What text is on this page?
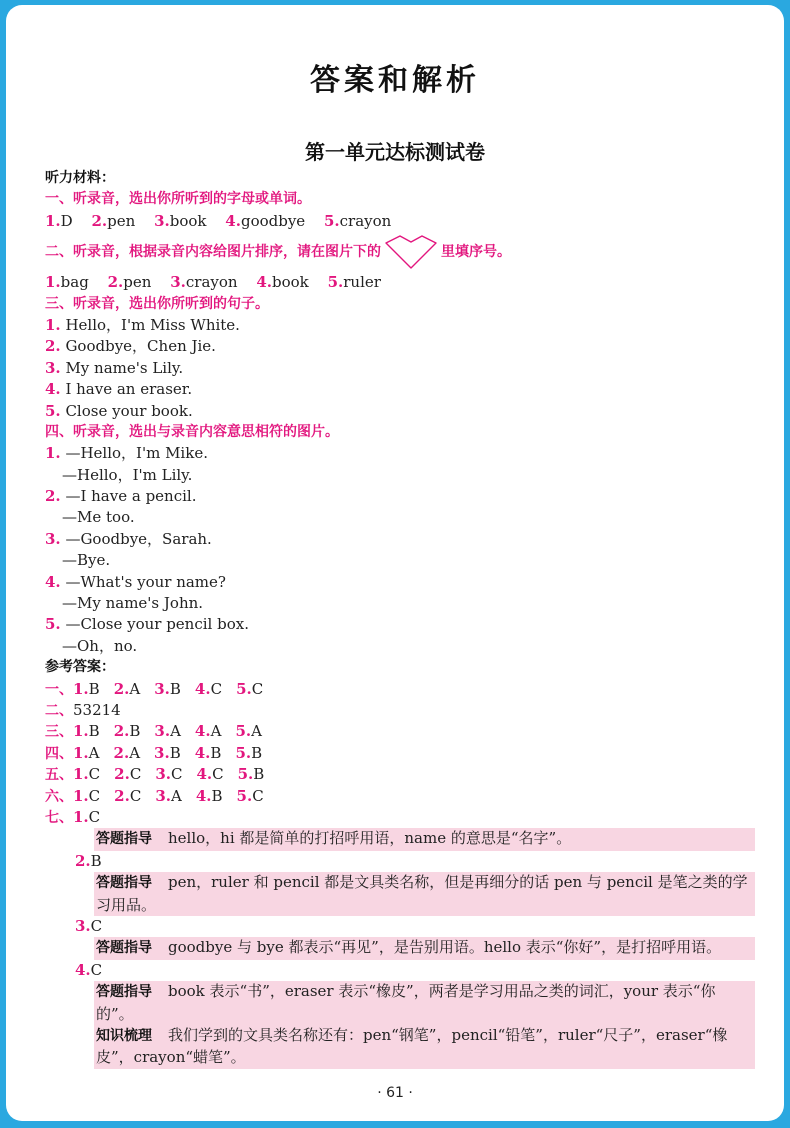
答案和解析
第一单元达标测试卷
听力材料：
一、听录音，选出你所听到的字母或单词。
1.D 2.pen 3.book 4.goodbye 5.crayon
二、听录音，根据录音内容给图片排序，请在图片下的	里填序号。
1.bag 2.pen 3.crayon 4.book 5.ruler
三、听录音，选出你所听到的句子。
1. Hello，I'm Miss White.
2. Goodbye，Chen Jie.
3. My name's Lily.
4. I have an eraser.
5. Close your book.
四、听录音，选出与录音内容意思相符的图片。
1. —Hello，I'm Mike.
—Hello，I'm Lily.
2. —I have a pencil.
—Me too.
3. —Goodbye，Sarah.
—Bye.
4. —What's your name?
—My name's John.
5. —Close your pencil box.
—Oh，no.
参考答案：
一、1.B 2.A 3.B 4.C 5.C
二、53214
三、1.B 2.B 3.A 4.A 5.A
四、1.A 2.A 3.B 4.B 5.B
五、1.C 2.C 3.C 4.C 5.B
六、1.C 2.C 3.A 4.B 5.C
七、1.C
答题指导 hello，hi 都是简单的打招呼用语，name 的意思是“名字”。
2.B
答题指导 pen，ruler 和 pencil 都是文具类名称，但是再细分的话 pen 与 pencil 是笔之类的学习用品。
3.C
答题指导 goodbye 与 bye 都表示“再见”，是告别用语。hello 表示“你好”，是打招呼用语。
4.C
答题指导 book 表示“书”，eraser 表示“橡皮”，两者是学习用品之类的词汇，your 表示“你的”。
知识梳理 我们学到的文具类名称还有：pen“钢笔”，pencil“铅笔”，ruler“尺子”，eraser“橡皮”，crayon“蜡笔”。
· 61 ·
